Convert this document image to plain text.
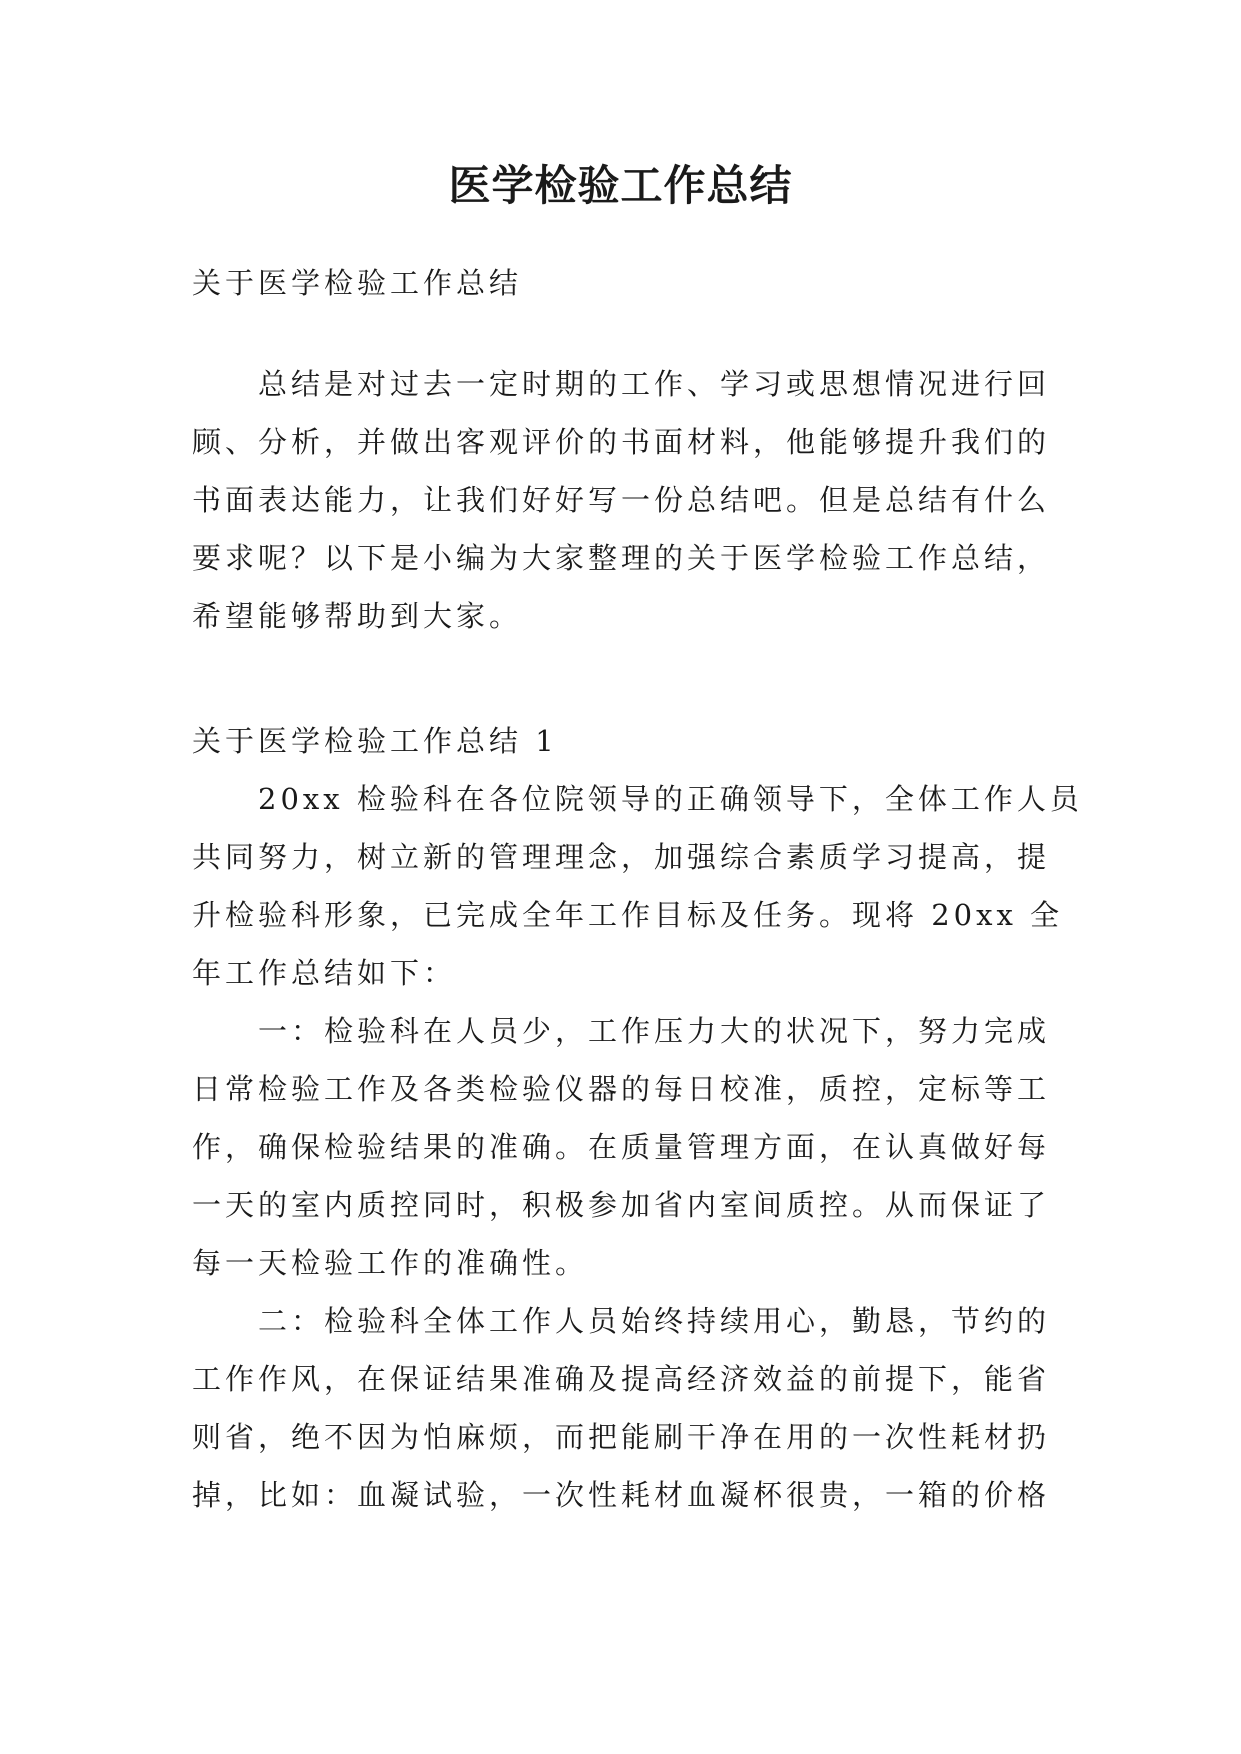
医学检验工作总结
关于医学检验工作总结
　　总结是对过去一定时期的工作、学习或思想情况进行回
顾、分析，并做出客观评价的书面材料，他能够提升我们的
书面表达能力，让我们好好写一份总结吧。但是总结有什么
要求呢？以下是小编为大家整理的关于医学检验工作总结，
希望能够帮助到大家。
关于医学检验工作总结 1
　　20xx 检验科在各位院领导的正确领导下，全体工作人员
共同努力，树立新的管理理念，加强综合素质学习提高，提
升检验科形象，已完成全年工作目标及任务。现将 20xx 全
年工作总结如下：
　　一：检验科在人员少，工作压力大的状况下，努力完成
日常检验工作及各类检验仪器的每日校准，质控，定标等工
作，确保检验结果的准确。在质量管理方面，在认真做好每
一天的室内质控同时，积极参加省内室间质控。从而保证了
每一天检验工作的准确性。
　　二：检验科全体工作人员始终持续用心，勤恳，节约的
工作作风，在保证结果准确及提高经济效益的前提下，能省
则省，绝不因为怕麻烦，而把能刷干净在用的一次性耗材扔
掉，比如：血凝试验，一次性耗材血凝杯很贵，一箱的价格
